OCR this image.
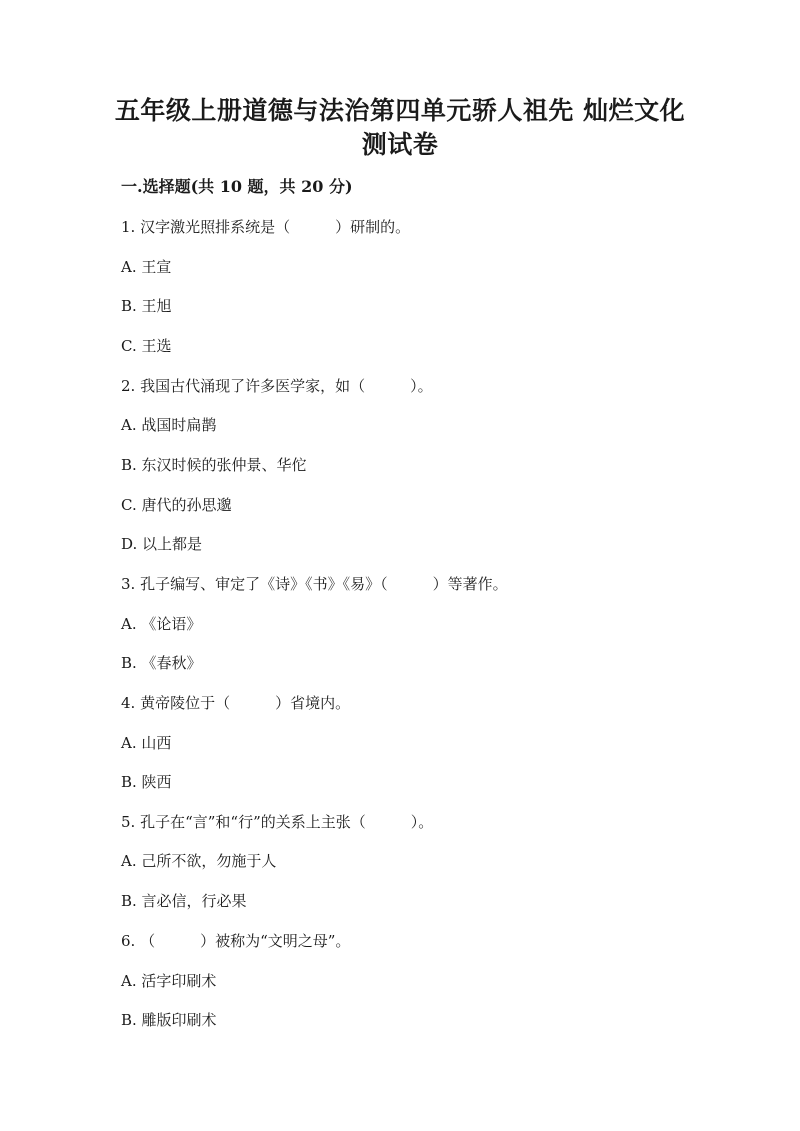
五年级上册道德与法治第四单元骄人祖先 灿烂文化
测试卷
一.选择题(共 10 题，共 20 分)
1. 汉字激光照排系统是（　　　）研制的。
A. 王宣
B. 王旭
C. 王选
2. 我国古代涌现了许多医学家，如（　　　）。
A. 战国时扁鹊
B. 东汉时候的张仲景、华佗
C. 唐代的孙思邈
D. 以上都是
3. 孔子编写、审定了《诗》《书》《易》（　　　）等著作。
A. 《论语》
B. 《春秋》
4. 黄帝陵位于（　　　）省境内。
A. 山西
B. 陕西
5. 孔子在“言”和“行”的关系上主张（　　　）。
A. 己所不欲，勿施于人
B. 言必信，行必果
6. （　　　）被称为“文明之母”。
A. 活字印刷术
B. 雕版印刷术
